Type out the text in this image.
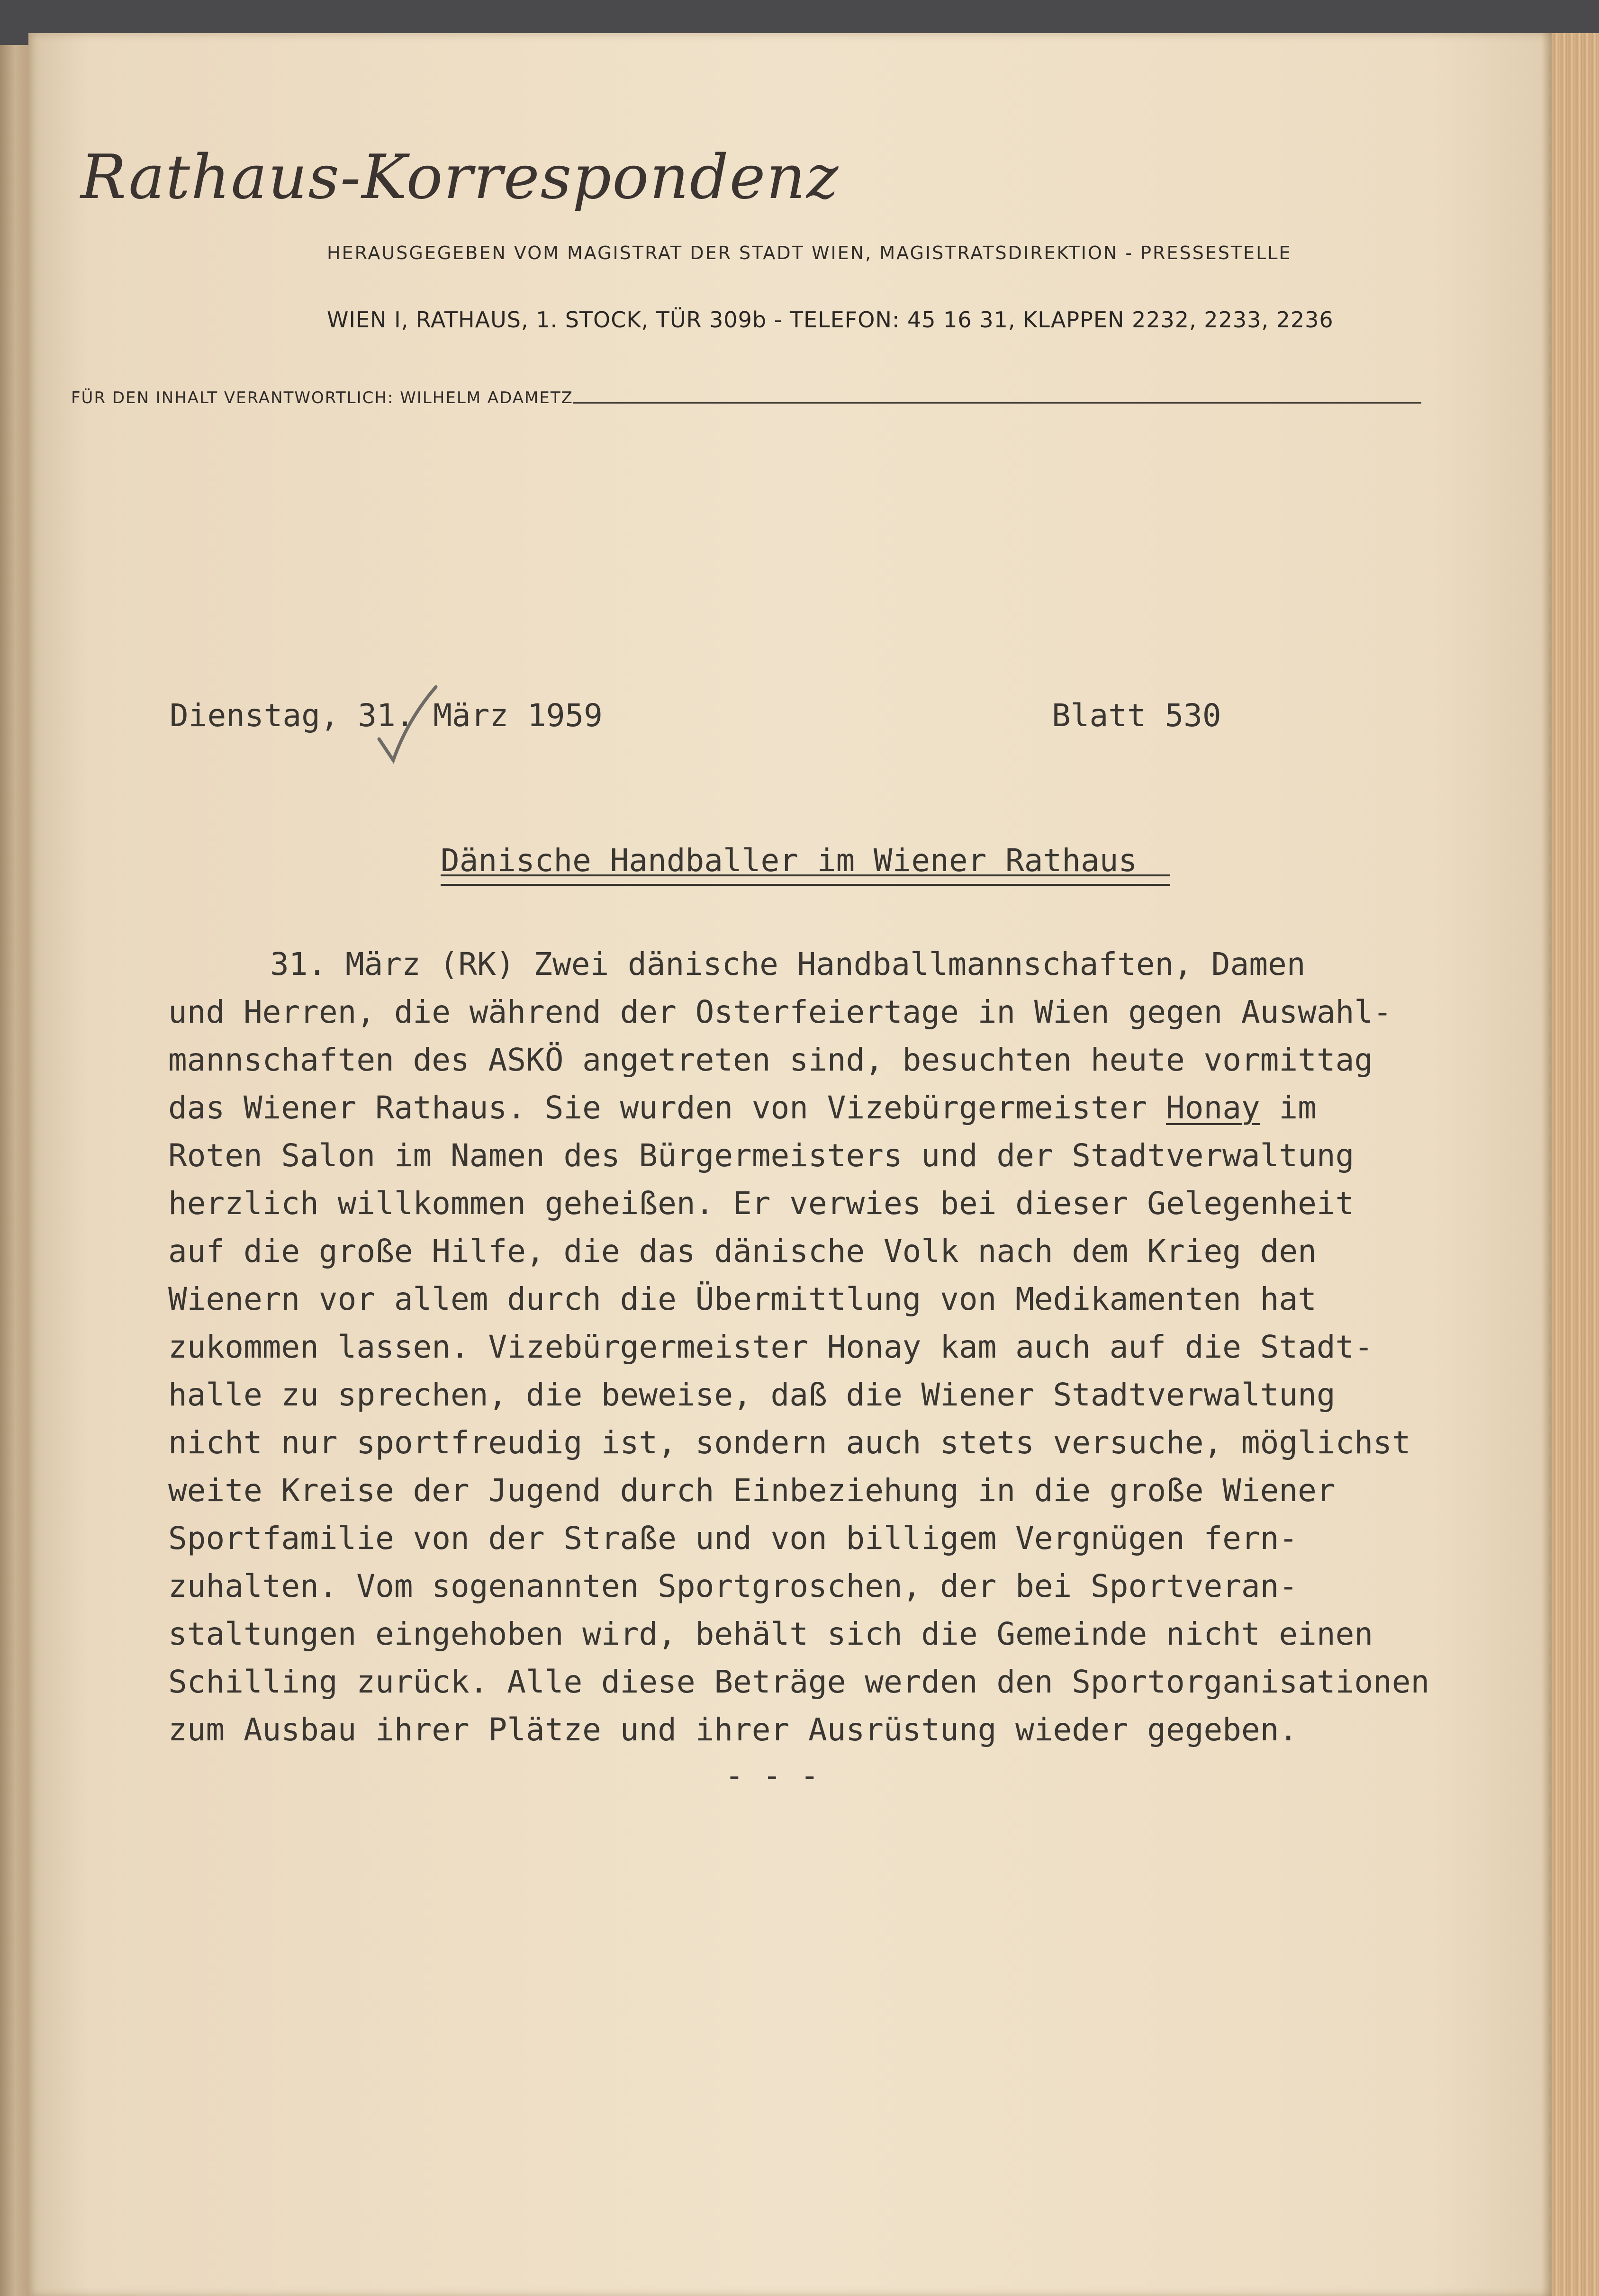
Rathaus-Korrespondenz
HERAUSGEGEBEN VOM MAGISTRAT DER STADT WIEN, MAGISTRATSDIREKTION - PRESSESTELLE
WIEN I, RATHAUS, 1. STOCK, TÜR 309b - TELEFON: 45 16 31, KLAPPEN 2232, 2233, 2236
FÜR DEN INHALT VERANTWORTLICH: WILHELM ADAMETZ
Dienstag, 31. März 1959	Blatt 530
Dänische Handballer im Wiener Rathaus
31. März (RK) Zwei dänische Handballmannschaften, Damen
und Herren, die während der Osterfeiertage in Wien gegen Auswahl-
mannschaften des ASKÖ angetreten sind, besuchten heute vormittag
das Wiener Rathaus. Sie wurden von Vizebürgermeister Honay im
Roten Salon im Namen des Bürgermeisters und der Stadtverwaltung
herzlich willkommen geheißen. Er verwies bei dieser Gelegenheit
auf die große Hilfe, die das dänische Volk nach dem Krieg den
Wienern vor allem durch die Übermittlung von Medikamenten hat
zukommen lassen. Vizebürgermeister Honay kam auch auf die Stadt-
halle zu sprechen, die beweise, daß die Wiener Stadtverwaltung
nicht nur sportfreudig ist, sondern auch stets versuche, möglichst
weite Kreise der Jugend durch Einbeziehung in die große Wiener
Sportfamilie von der Straße und von billigem Vergnügen fern-
zuhalten. Vom sogenannten Sportgroschen, der bei Sportveran-
staltungen eingehoben wird, behält sich die Gemeinde nicht einen
Schilling zurück. Alle diese Beträge werden den Sportorganisationen
zum Ausbau ihrer Plätze und ihrer Ausrüstung wieder gegeben.
- - -
